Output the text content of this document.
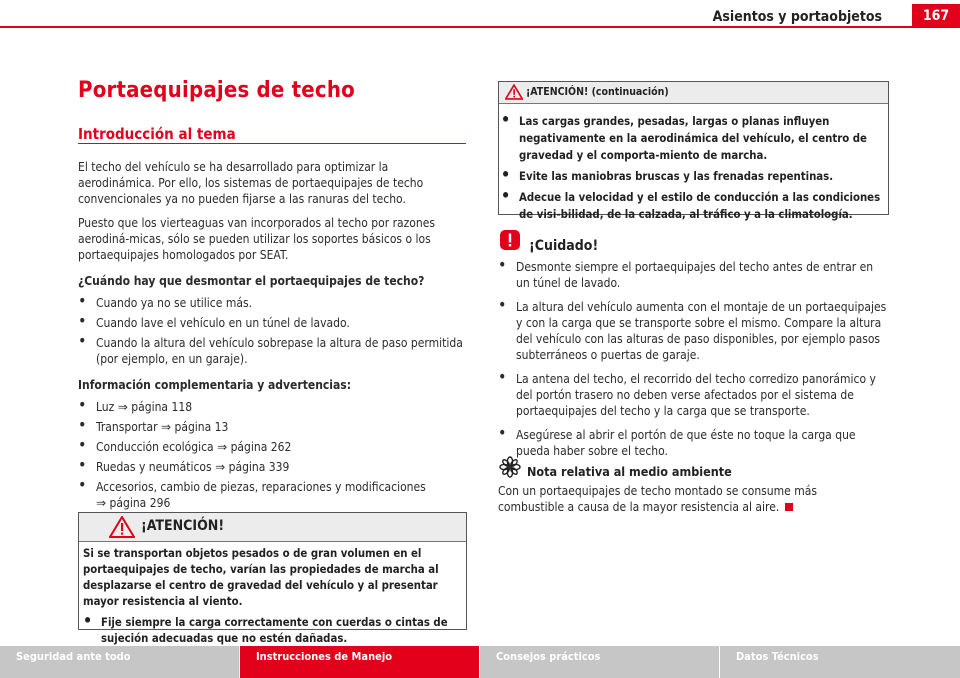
Asientos y portaobjetos	167
Portaequipajes de techo
Introducción al tema

El techo del vehículo se ha desarrollado para optimizar la aerodinámica. Por ello, los sistemas de portaequipajes de techo convencionales ya no pueden fijarse a las ranuras del techo.

Puesto que los vierteaguas van incorporados al techo por razones aerodiná-micas, sólo se pueden utilizar los soportes básicos o los portaequipajes homologados por SEAT.

¿Cuándo hay que desmontar el portaequipajes de techo?

• Cuando ya no se utilice más.

• Cuando lave el vehículo en un túnel de lavado.

• Cuando la altura del vehículo sobrepase la altura de paso permitida (por ejemplo, en un garaje).

Información complementaria y advertencias:

• Luz ⇒ página 118

• Transportar ⇒ página 13

• Conducción ecológica ⇒ página 262

• Ruedas y neumáticos ⇒ página 339

• Accesorios, cambio de piezas, reparaciones y modificaciones
⇒ página 296

¡ATENCIÓN!

Si se transportan objetos pesados o de gran volumen en el portaequipajes de techo, varían las propiedades de marcha al desplazarse el centro de gravedad del vehículo y al presentar mayor resistencia al viento.

• Fije siempre la carga correctamente con cuerdas o cintas de sujeción adecuadas que no estén dañadas.

¡ATENCIÓN! (continuación)

• Las cargas grandes, pesadas, largas o planas influyen negativamente en la aerodinámica del vehículo, el centro de gravedad y el comporta-miento de marcha.

• Evite las maniobras bruscas y las frenadas repentinas.

• Adecue la velocidad y el estilo de conducción a las condiciones de visi-bilidad, de la calzada, al tráfico y a la climatología.

¡Cuidado!

• Desmonte siempre el portaequipajes del techo antes de entrar en un túnel de lavado.

• La altura del vehículo aumenta con el montaje de un portaequipajes y con la carga que se transporte sobre el mismo. Compare la altura del vehículo con las alturas de paso disponibles, por ejemplo pasos subterráneos o puertas de garaje.

• La antena del techo, el recorrido del techo corredizo panorámico y del portón trasero no deben verse afectados por el sistema de portaequipajes del techo y la carga que se transporte.

• Asegúrese al abrir el portón de que éste no toque la carga que pueda haber sobre el techo.

Nota relativa al medio ambiente

Con un portaequipajes de techo montado se consume más combustible a causa de la mayor resistencia al aire.

Seguridad ante todo	Instrucciones de Manejo	Consejos prácticos	Datos Técnicos
